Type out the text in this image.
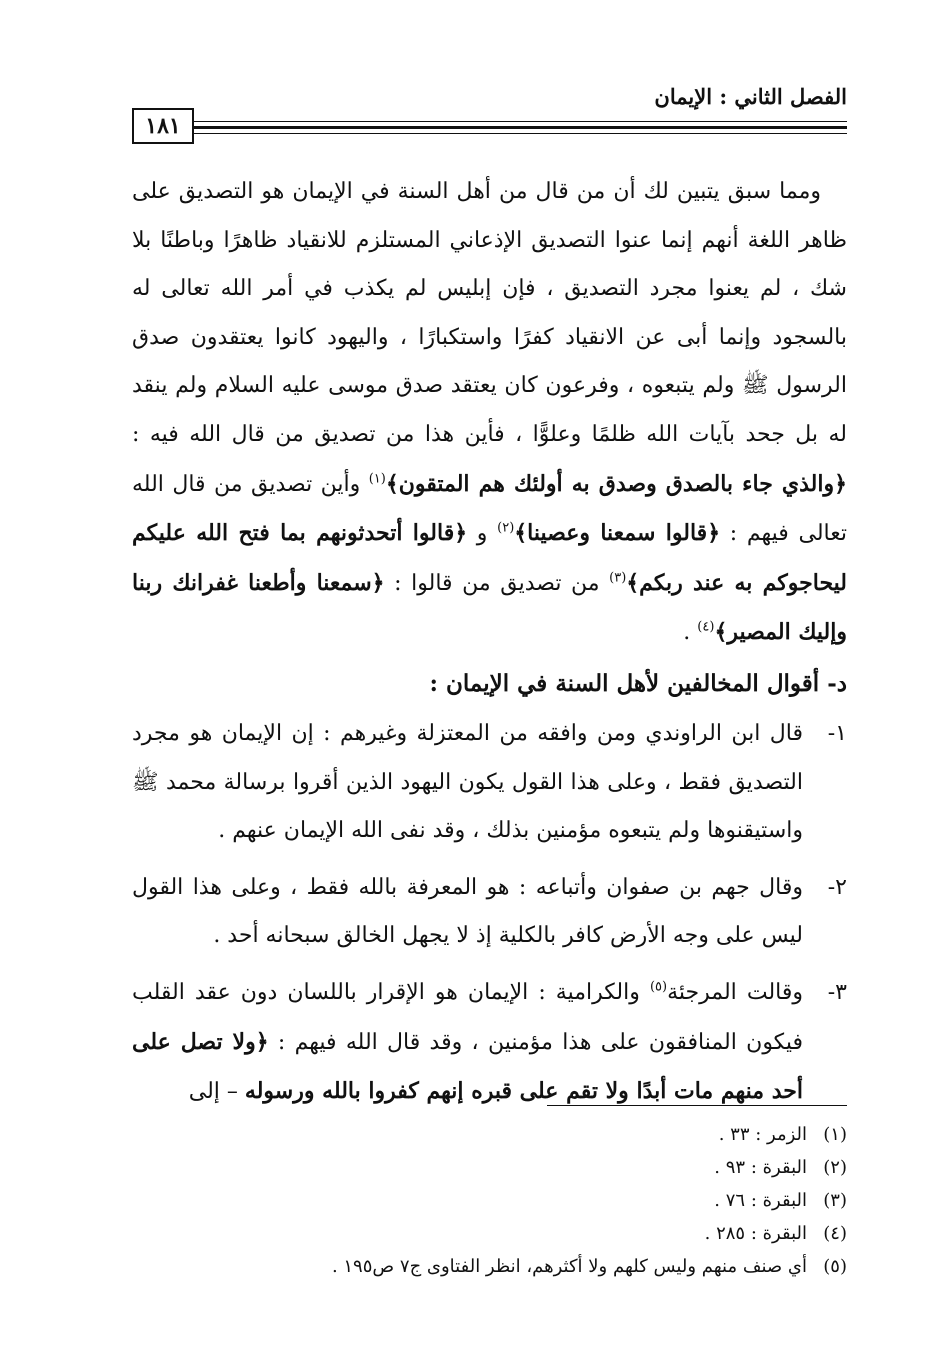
الفصل الثاني : الإيمان
١٨١

ومما سبق يتبين لك أن من قال من أهل السنة في الإيمان هو التصديق على ظاهر اللغة أنهم إنما عنوا التصديق الإذعاني المستلزم للانقياد ظاهرًا وباطنًا بلا شك ، لم يعنوا مجرد التصديق ، فإن إبليس لم يكذب في أمر الله تعالى له بالسجود وإنما أبى عن الانقياد كفرًا واستكبارًا ، واليهود كانوا يعتقدون صدق الرسول ﷺ ولم يتبعوه ، وفرعون كان يعتقد صدق موسى عليه السلام ولم ينقد له بل جحد بآيات الله ظلمًا وعلوًّا ، فأين هذا من تصديق من قال الله فيه : ﴿والذي جاء بالصدق وصدق به أولئك هم المتقون﴾$^{(١)}$ وأين تصديق من قال الله تعالى فيهم : ﴿قالوا سمعنا وعصينا﴾$^{(٢)}$ و ﴿قالوا أتحدثونهم بما فتح الله عليكم ليحاجوكم به عند ربكم﴾$^{(٣)}$ من تصديق من قالوا : ﴿سمعنا وأطعنا غفرانك ربنا وإليك المصير﴾$^{(٤)}$ .

د- أقوال المخالفين لأهل السنة في الإيمان :

١-
قال ابن الراوندي ومن وافقه من المعتزلة وغيرهم : إن الإيمان هو مجرد التصديق فقط ، وعلى هذا القول يكون اليهود الذين أقروا برسالة محمد ﷺ واستيقنوها ولم يتبعوه مؤمنين بذلك ، وقد نفى الله الإيمان عنهم .
٢-
وقال جهم بن صفوان وأتباعه : هو المعرفة بالله فقط ، وعلى هذا القول ليس على وجه الأرض كافر بالكلية إذ لا يجهل الخالق سبحانه أحد .
٣-
وقالت المرجئة$^{(٥)}$ والكرامية : الإيمان هو الإقرار باللسان دون عقد القلب فيكون المنافقون على هذا مؤمنين ، وقد قال الله فيهم : ﴿ولا تصل على أحد منهم مات أبدًا ولا تقم على قبره إنهم كفروا بالله ورسوله – إلى

(١)الزمر : ٣٣ .

(٢)البقرة : ٩٣ .

(٣)البقرة : ٧٦ .

(٤)البقرة : ٢٨٥ .

(٥)أي صنف منهم وليس كلهم ولا أكثرهم، انظر الفتاوى ج٧ ص١٩٥ .
